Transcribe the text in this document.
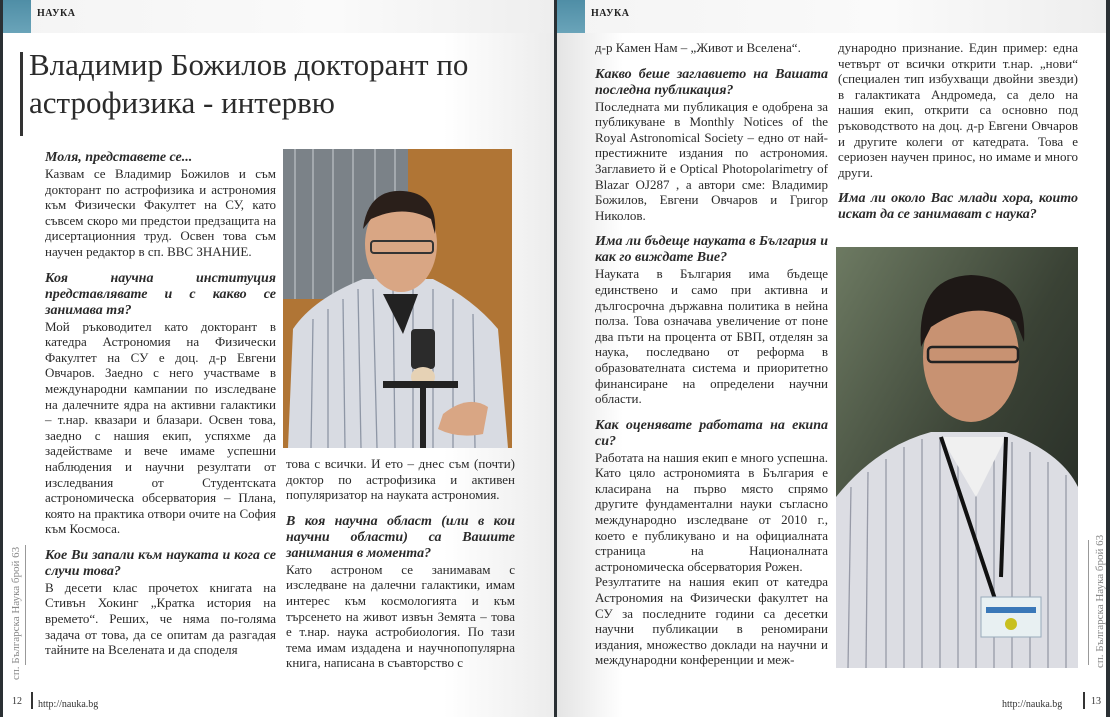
НАУКА
Владимир Божилов докторант по астрофизика - интервю
Моля, представете се...

Казвам се Владимир Божилов и съм докторант по астрофизика и астрономия към Физически Факултет на СУ, като съвсем скоро ми предстои предзащита на дисертационния труд. Освен това съм научен редактор в сп. ВВС ЗНАНИЕ.

Коя научна институция представлявате и с какво се занимава тя?

Мой ръководител като докторант в катедра Астрономия на Физически Факултет на СУ е доц. д-р Евгени Овчаров. Заедно с него участваме в международни кампании по изследване на далечните ядра на активни галактики – т.нар. квазари и блазари. Освен това, заедно с нашия екип, успяхме да задействаме и вече имаме успешни наблюдения и научни резултати от изследвания от Студентската астрономическа обсерватория – Плана, която на практика отвори очите на София към Космоса.

Кое Ви запали към науката и кога се случи това?

В десети клас прочетох книгата на Стивън Хокинг „Кратка история на времето“. Реших, че няма по-голяма задача от това, да се опитам да разгадая тайните на Вселената и да споделя

това с всички. И ето – днес съм (почти) доктор по астрофизика и активен популяризатор на науката астрономия.

В коя научна област (или в кои научни области) са Вашите занимания в момента?

Като астроном се занимавам с изследване на далечни галактики, имам интерес към космологията и към търсенето на живот извън Земята – това е т.нар. наука астробиология. По тази тема имам издадена и научнопопулярна книга, написана в съавторство с

сп. Българска Наука брой 63
12 http://nauka.bg
НАУКА

д-р Камен Нам – „Живот и Вселена“.

Какво беше заглавието на Вашата последна публикация?

Последната ми публикация е одобрена за публикуване в Monthly Notices of the Royal Astronomical Society – едно от най-престижните издания по астрономия. Заглавието й е Optical Photopolarimetry of Blazar OJ287 , а автори сме: Владимир Божилов, Евгени Овчаров и Григор Николов.

Има ли бъдеще науката в България и как го виждате Вие?

Науката в България има бъдеще единствено и само при активна и дългосрочна държавна политика в нейна полза. Това означава увеличение от поне два пъти на процента от БВП, отделян за наука, последвано от реформа в образователната система и приоритетно финансиране на определени научни области.

Как оценявате работата на екипа си?

Работата на нашия екип е много успешна. Като цяло астрономията в България е класирана на първо място спрямо другите фундаментални науки съгласно международно изследване от 2010 г., което е публикувано и на официалната страница на Националната астрономическа обсерватория Рожен.

Резултатите на нашия екип от катедра Астрономия на Физически факултет на СУ за последните години са десетки научни публикации в реномирани издания, множество доклади на научни и международни конференции и меж-

дународно признание. Един пример: една четвърт от всички открити т.нар. „нови“ (специален тип избухващи двойни звезди) в галактиката Андромеда, са дело на нашия екип, открити са основно под ръководството на доц. д-р Евгени Овчаров и другите колеги от катедрата. Това е сериозен научен принос, но имаме и много други.

Има ли около Вас млади хора, които искат да се занимават с наука?
сп. Българска Наука брой 63
http://nauka.bg	13
